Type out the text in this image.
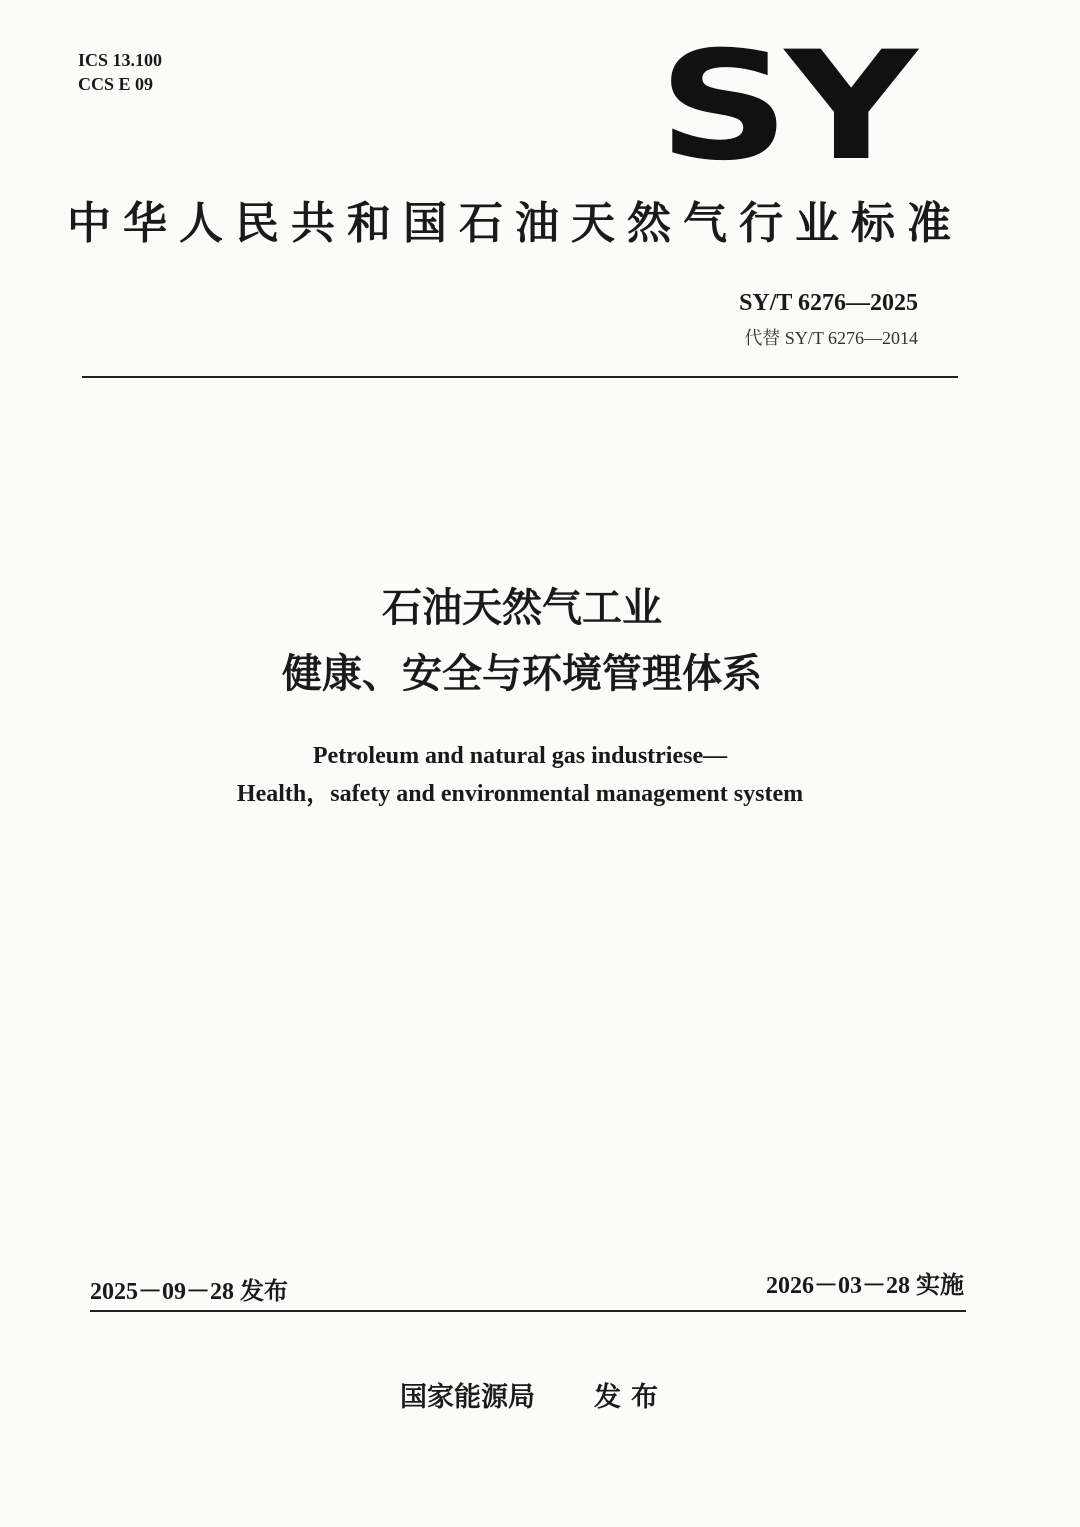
ICS 13.100
CCS E 09	SY
中华人民共和国石油天然气行业标准
SY/T 6276—2025
代替 SY/T 6276—2014
石油天然气工业
健康、安全与环境管理体系
Petroleum and natural gas industriese—
Health，safety and environmental management system
2025－09－28 发布	2026－03－28 实施
国家能源局 发布
